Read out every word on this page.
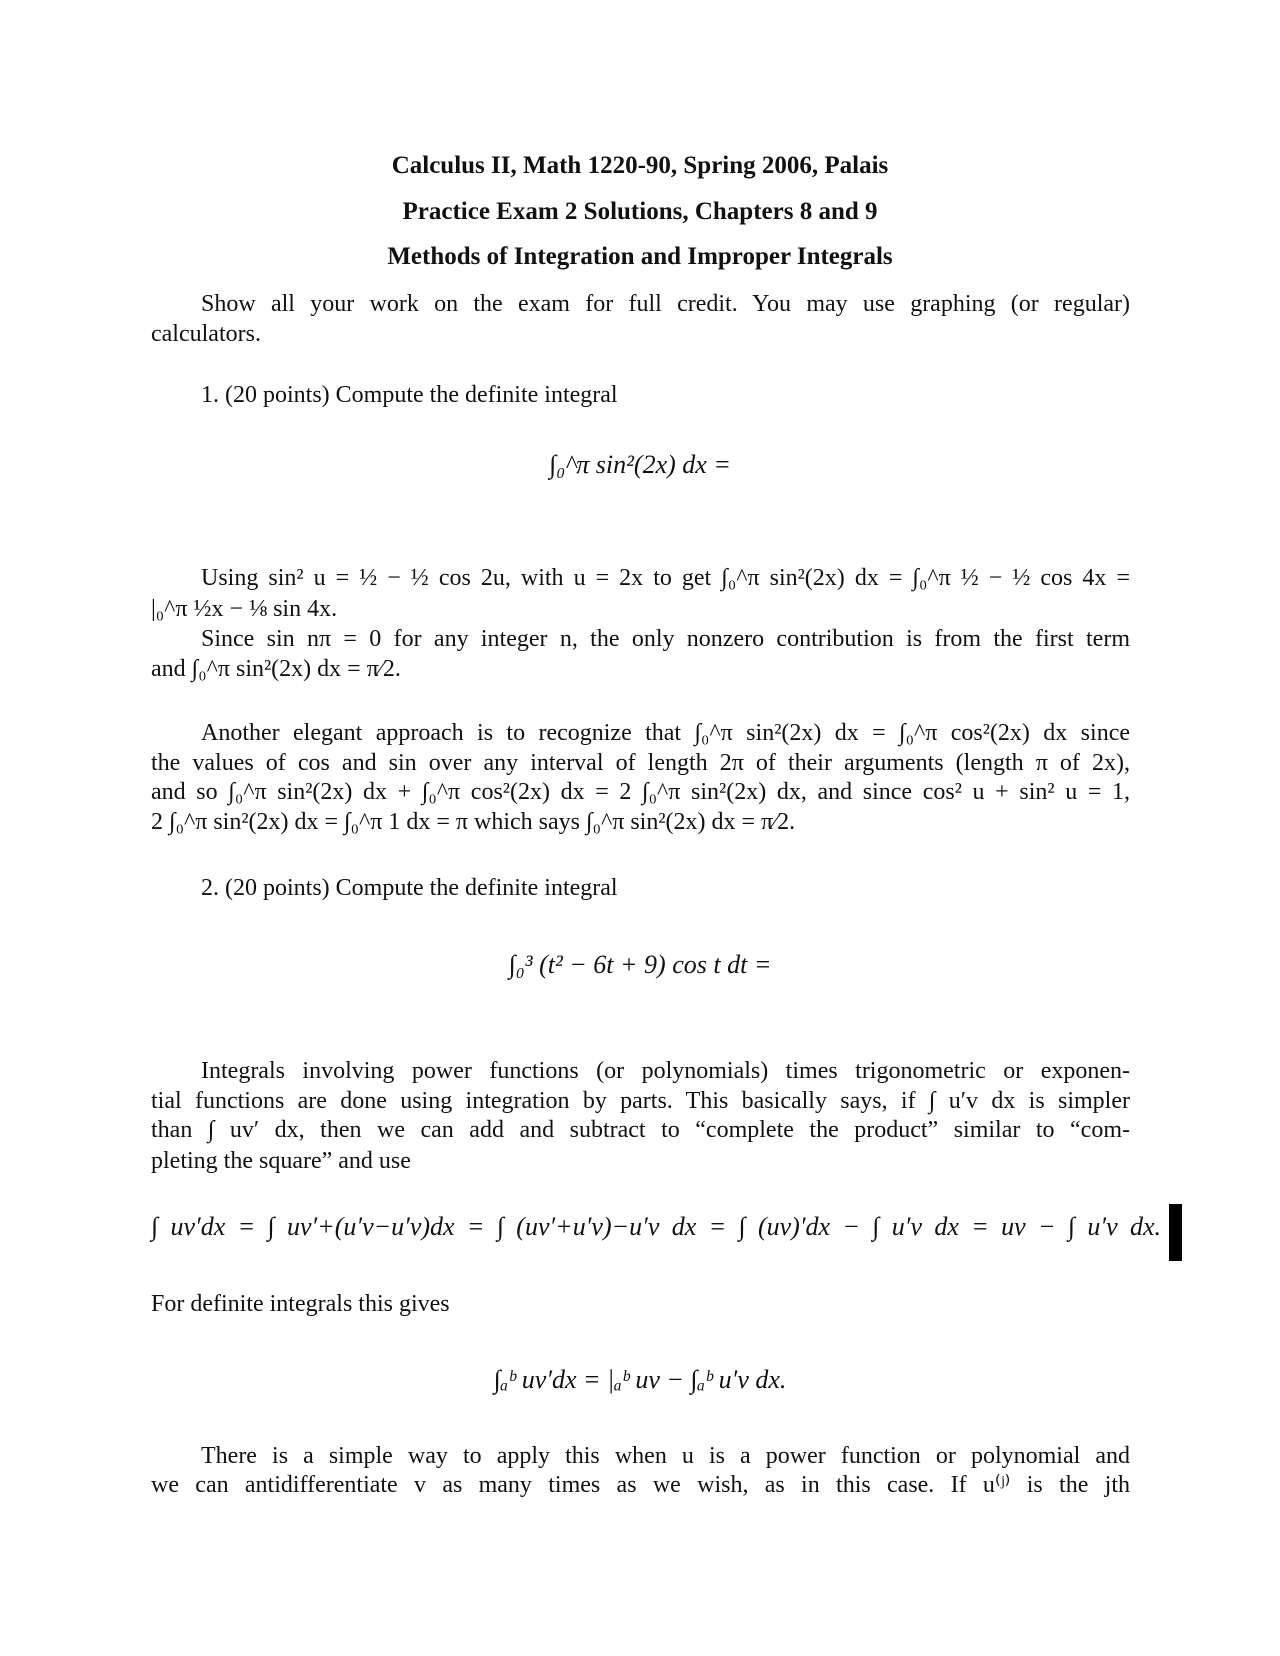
Calculus II, Math 1220-90, Spring 2006, Palais
Practice Exam 2 Solutions, Chapters 8 and 9
Methods of Integration and Improper Integrals
Show all your work on the exam for full credit. You may use graphing (or regular)
calculators.
1. (20 points) Compute the definite integral
∫₀^π sin²(2x) dx =
Using sin² u = ½ − ½ cos 2u, with u = 2x to get ∫₀^π sin²(2x) dx = ∫₀^π ½ − ½ cos 4x =
|₀^π ½x − ⅛ sin 4x.
Since sin nπ = 0 for any integer n, the only nonzero contribution is from the first term
and ∫₀^π sin²(2x) dx = π⁄2.
Another elegant approach is to recognize that ∫₀^π sin²(2x) dx = ∫₀^π cos²(2x) dx since
the values of cos and sin over any interval of length 2π of their arguments (length π of 2x),
and so ∫₀^π sin²(2x) dx + ∫₀^π cos²(2x) dx = 2 ∫₀^π sin²(2x) dx, and since cos² u + sin² u = 1,
2 ∫₀^π sin²(2x) dx = ∫₀^π 1 dx = π which says ∫₀^π sin²(2x) dx = π⁄2.
2. (20 points) Compute the definite integral
∫₀³ (t² − 6t + 9) cos t dt =
Integrals involving power functions (or polynomials) times trigonometric or exponen-
tial functions are done using integration by parts. This basically says, if ∫ u′v dx is simpler
than ∫ uv′ dx, then we can add and subtract to “complete the product” similar to “com-
pleting the square” and use
∫ uv′dx = ∫ uv′+(u′v−u′v)dx = ∫ (uv′+u′v)−u′v dx = ∫ (uv)′dx − ∫ u′v dx = uv − ∫ u′v dx.
For definite integrals this gives
∫ₐᵇ uv′dx = |ₐᵇ uv − ∫ₐᵇ u′v dx.
There is a simple way to apply this when u is a power function or polynomial and
we can antidifferentiate v as many times as we wish, as in this case. If u⁽ʲ⁾ is the jth
